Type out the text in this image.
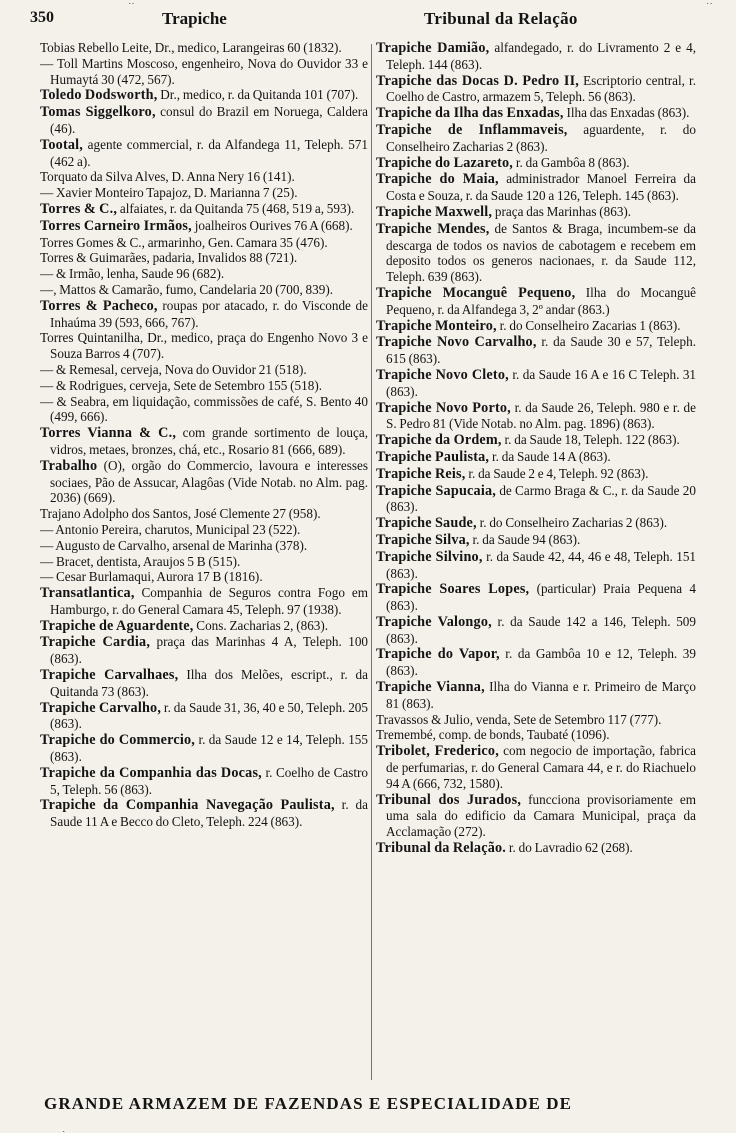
350	Trapiche	Tribunal da Relação

Tobias Rebello Leite, Dr., medico, Larangeiras 60 (1832).

— Toll Martins Moscoso, engenheiro, Nova do Ouvidor 33 e Humaytá 30 (472, 567).

Toledo Dodsworth, Dr., medico, r. da Quitanda 101 (707).

Tomas Siggelkoro, consul do Brazil em Noruega, Caldera (46).

Tootal, agente commercial, r. da Alfandega 11, Teleph. 571 (462 a).

Torquato da Silva Alves, D. Anna Nery 16 (141).

— Xavier Monteiro Tapajoz, D. Marianna 7 (25).

Torres & C., alfaiates, r. da Quitanda 75 (468, 519 a, 593).

Torres Carneiro Irmãos, joalheiros Ourives 76 A (668).

Torres Gomes & C., armarinho, Gen. Camara 35 (476).

Torres & Guimarães, padaria, Invalidos 88 (721).

— & Irmão, lenha, Saude 96 (682).

—, Mattos & Camarão, fumo, Candelaria 20 (700, 839).

Torres & Pacheco, roupas por atacado, r. do Visconde de Inhaúma 39 (593, 666, 767).

Torres Quintanilha, Dr., medico, praça do Engenho Novo 3 e Souza Barros 4 (707).

— & Remesal, cerveja, Nova do Ouvidor 21 (518).

— & Rodrigues, cerveja, Sete de Setembro 155 (518).

— & Seabra, em liquidação, commissões de café, S. Bento 40 (499, 666).

Torres Vianna & C., com grande sortimento de louça, vidros, metaes, bronzes, chá, etc., Rosario 81 (666, 689).

Trabalho (O), orgão do Commercio, lavoura e interesses sociaes, Pão de Assucar, Alagôas (Vide Notab. no Alm. pag. 2036) (669).

Trajano Adolpho dos Santos, José Clemente 27 (958).

— Antonio Pereira, charutos, Municipal 23 (522).

— Augusto de Carvalho, arsenal de Marinha (378).

— Bracet, dentista, Araujos 5 B (515).

— Cesar Burlamaqui, Aurora 17 B (1816).

Transatlantica, Companhia de Seguros contra Fogo em Hamburgo, r. do General Camara 45, Teleph. 97 (1938).

Trapiche de Aguardente, Cons. Zacharias 2, (863).

Trapiche Cardia, praça das Marinhas 4 A, Teleph. 100 (863).

Trapiche Carvalhaes, Ilha dos Melões, escript., r. da Quitanda 73 (863).

Trapiche Carvalho, r. da Saude 31, 36, 40 e 50, Teleph. 205 (863).

Trapiche do Commercio, r. da Saude 12 e 14, Teleph. 155 (863).

Trapiche da Companhia das Docas, r. Coelho de Castro 5, Teleph. 56 (863).

Trapiche da Companhia Navegação Paulista, r. da Saude 11 A e Becco do Cleto, Teleph. 224 (863).

Trapiche Damião, alfandegado, r. do Livramento 2 e 4, Teleph. 144 (863).

Trapiche das Docas D. Pedro II, Escriptorio central, r. Coelho de Castro, armazem 5, Teleph. 56 (863).

Trapiche da Ilha das Enxadas, Ilha das Enxadas (863).

Trapiche de Inflammaveis, aguardente, r. do Conselheiro Zacharias 2 (863).

Trapiche do Lazareto, r. da Gambôa 8 (863).

Trapiche do Maia, administrador Manoel Ferreira da Costa e Souza, r. da Saude 120 a 126, Teleph. 145 (863).

Trapiche Maxwell, praça das Marinhas (863).

Trapiche Mendes, de Santos & Braga, incumbem-se da descarga de todos os navios de cabotagem e recebem em deposito todos os generos nacionaes, r. da Saude 112, Teleph. 639 (863).

Trapiche Mocanguê Pequeno, Ilha do Mocanguê Pequeno, r. da Alfandega 3, 2º andar (863.)

Trapiche Monteiro, r. do Conselheiro Zacarias 1 (863).

Trapiche Novo Carvalho, r. da Saude 30 e 57, Teleph. 615 (863).

Trapiche Novo Cleto, r. da Saude 16 A e 16 C Teleph. 31 (863).

Trapiche Novo Porto, r. da Saude 26, Teleph. 980 e r. de S. Pedro 81 (Vide Notab. no Alm. pag. 1896) (863).

Trapiche da Ordem, r. da Saude 18, Teleph. 122 (863).

Trapiche Paulista, r. da Saude 14 A (863).

Trapiche Reis, r. da Saude 2 e 4, Teleph. 92 (863).

Trapiche Sapucaia, de Carmo Braga & C., r. da Saude 20 (863).

Trapiche Saude, r. do Conselheiro Zacharias 2 (863).

Trapiche Silva, r. da Saude 94 (863).

Trapiche Silvino, r. da Saude 42, 44, 46 e 48, Teleph. 151 (863).

Trapiche Soares Lopes, (particular) Praia Pequena 4 (863).

Trapiche Valongo, r. da Saude 142 a 146, Teleph. 509 (863).

Trapiche do Vapor, r. da Gambôa 10 e 12, Teleph. 39 (863).

Trapiche Vianna, Ilha do Vianna e r. Primeiro de Março 81 (863).

Travassos & Julio, venda, Sete de Setembro 117 (777).

Tremembé, comp. de bonds, Taubaté (1096).

Tribolet, Frederico, com negocio de importação, fabrica de perfumarias, r. do General Camara 44, e r. do Riachuelo 94 A (666, 732, 1580).

Tribunal dos Jurados, funcciona provisoriamente em uma sala do edificio da Camara Municipal, praça da Acclamação (272).

Tribunal da Relação. r. do Lavradio 62 (268).

GRANDE ARMAZEM DE FAZENDAS E ESPECIALIDADE DE
˙˙	˙˙
ˏ
